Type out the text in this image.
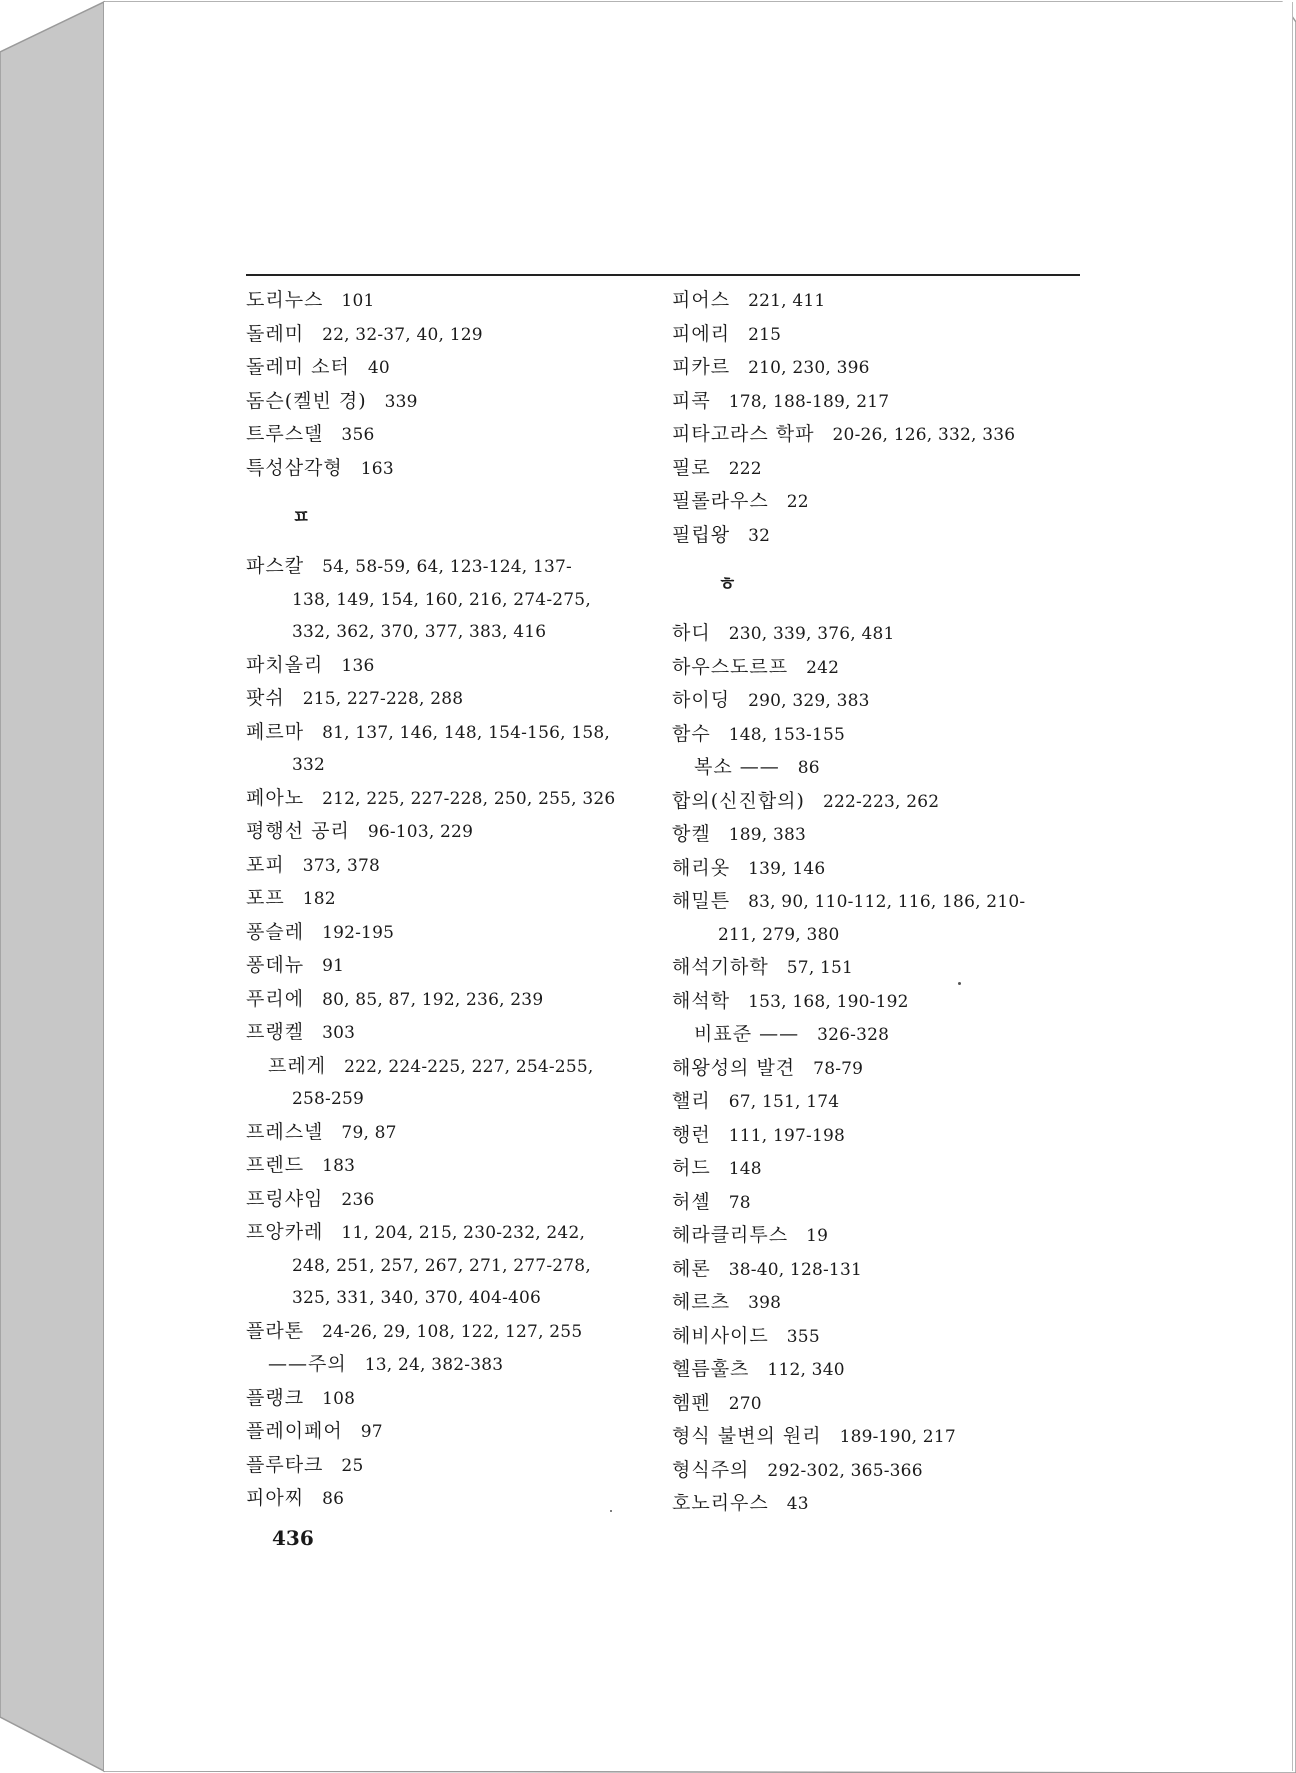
도리누스 101
돌레미 22, 32-37, 40, 129
돌레미 소터 40
돔슨(켈빈 경) 339
트루스델 356
특성삼각형 163
ㅍ
파스칼 54, 58-59, 64, 123-124, 137-
138, 149, 154, 160, 216, 274-275,
332, 362, 370, 377, 383, 416
파치올리 136
팟쉬 215, 227-228, 288
페르마 81, 137, 146, 148, 154-156, 158,
332
페아노 212, 225, 227-228, 250, 255, 326
평행선 공리 96-103, 229
포피 373, 378
포프 182
퐁슬레 192-195
퐁데뉴 91
푸리에 80, 85, 87, 192, 236, 239
프랭켈 303
프레게 222, 224-225, 227, 254-255,
258-259
프레스넬 79, 87
프렌드 183
프링샤임 236
프앙카레 11, 204, 215, 230-232, 242,
248, 251, 257, 267, 271, 277-278,
325, 331, 340, 370, 404-406
플라톤 24-26, 29, 108, 122, 127, 255
——주의 13, 24, 382-383
플랭크 108
플레이페어 97
플루타크 25
피아찌 86
피어스 221, 411
피에리 215
피카르 210, 230, 396
피콕 178, 188-189, 217
피타고라스 학파 20-26, 126, 332, 336
필로 222
필롤라우스 22
필립왕 32
ㅎ
하디 230, 339, 376, 481
하우스도르프 242
하이딩 290, 329, 383
함수 148, 153-155
복소 —— 86
합의(신진합의) 222-223, 262
항켈 189, 383
해리옷 139, 146
해밀튼 83, 90, 110-112, 116, 186, 210-
211, 279, 380
해석기하학 57, 151
해석학 153, 168, 190-192
비표준 —— 326-328
해왕성의 발견 78-79
핼리 67, 151, 174
행런 111, 197-198
허드 148
허셸 78
헤라클리투스 19
헤론 38-40, 128-131
헤르츠 398
헤비사이드 355
헬름훌츠 112, 340
헴펜 270
형식 불변의 원리 189-190, 217
형식주의 292-302, 365-366
호노리우스 43
436
